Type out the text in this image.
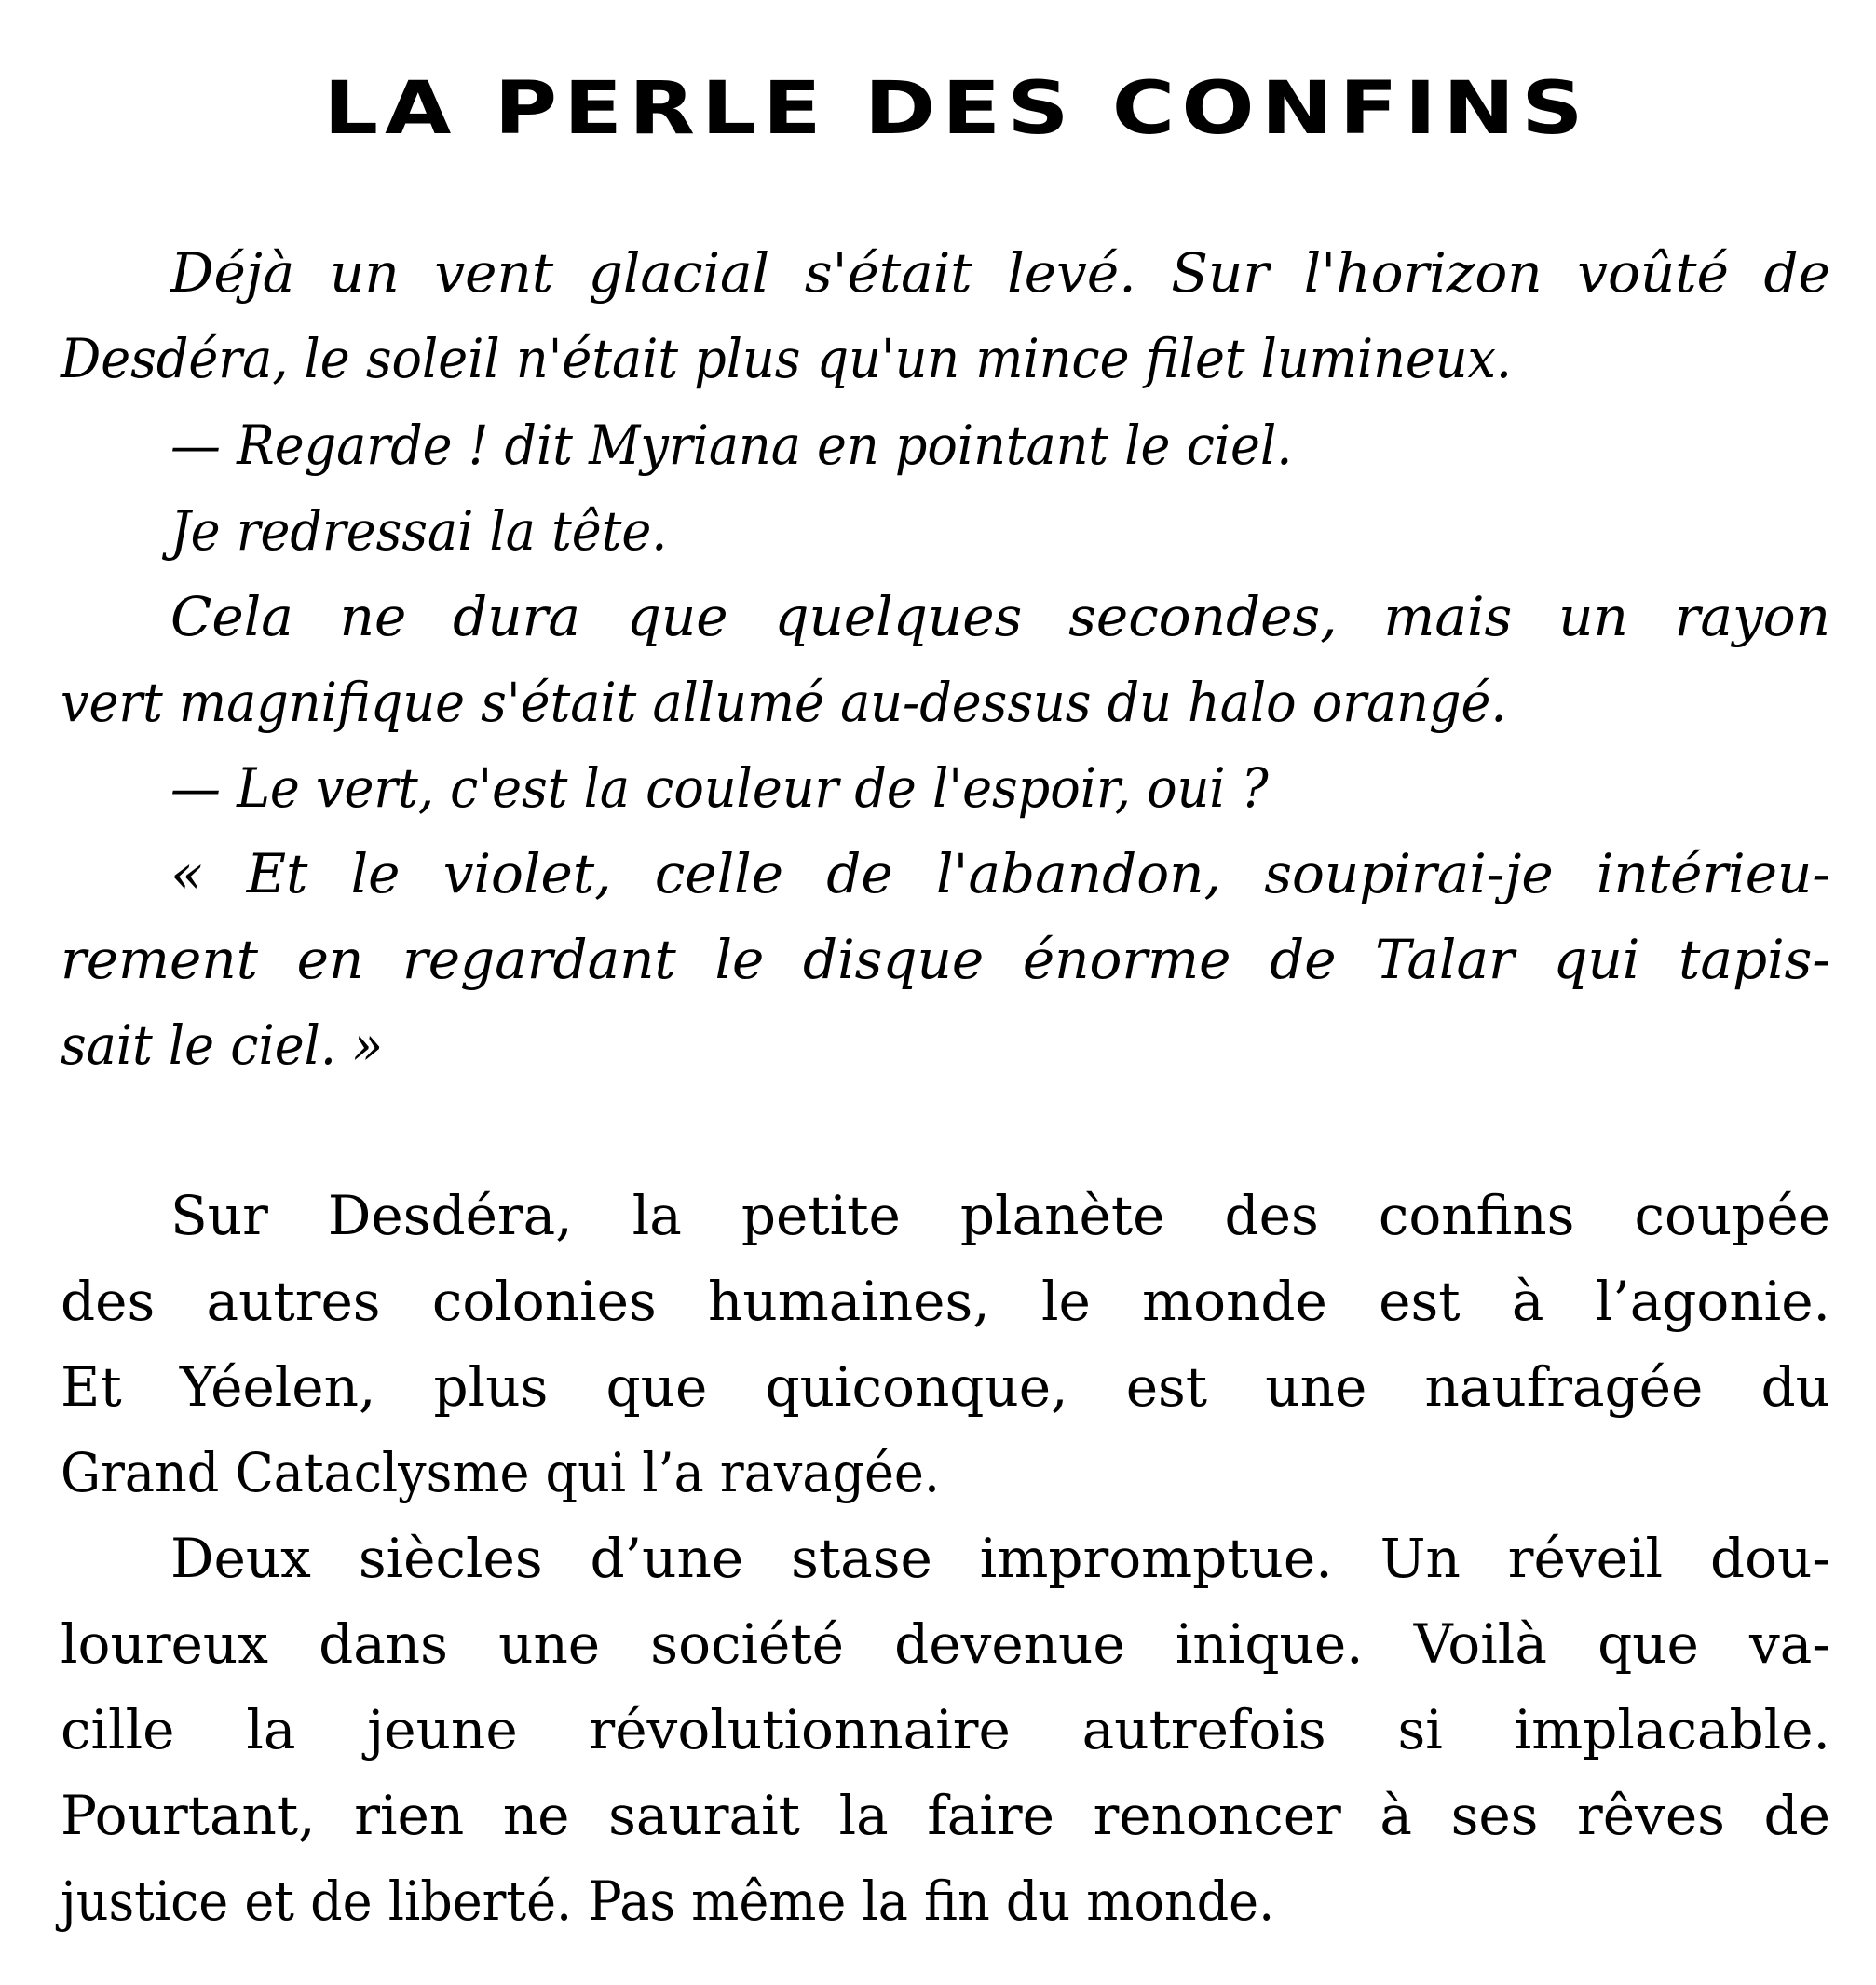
LA PERLE DES CONFINS
Déjà un vent glacial s'était levé. Sur l'horizon voûté de
Desdéra, le soleil n'était plus qu'un mince filet lumineux.
— Regarde ! dit Myriana en pointant le ciel.
Je redressai la tête.
Cela ne dura que quelques secondes, mais un rayon
vert magnifique s'était allumé au-dessus du halo orangé.
— Le vert, c'est la couleur de l'espoir, oui ?
« Et le violet, celle de l'abandon, soupirai-je intérieu-
rement en regardant le disque énorme de Talar qui tapis-
sait le ciel. »
Sur Desdéra, la petite planète des confins coupée
des autres colonies humaines, le monde est à l’agonie.
Et Yéelen, plus que quiconque, est une naufragée du
Grand Cataclysme qui l’a ravagée.
Deux siècles d’une stase impromptue. Un réveil dou-
loureux dans une société devenue inique. Voilà que va-
cille la jeune révolutionnaire autrefois si implacable.
Pourtant, rien ne saurait la faire renoncer à ses rêves de
justice et de liberté. Pas même la fin du monde.
